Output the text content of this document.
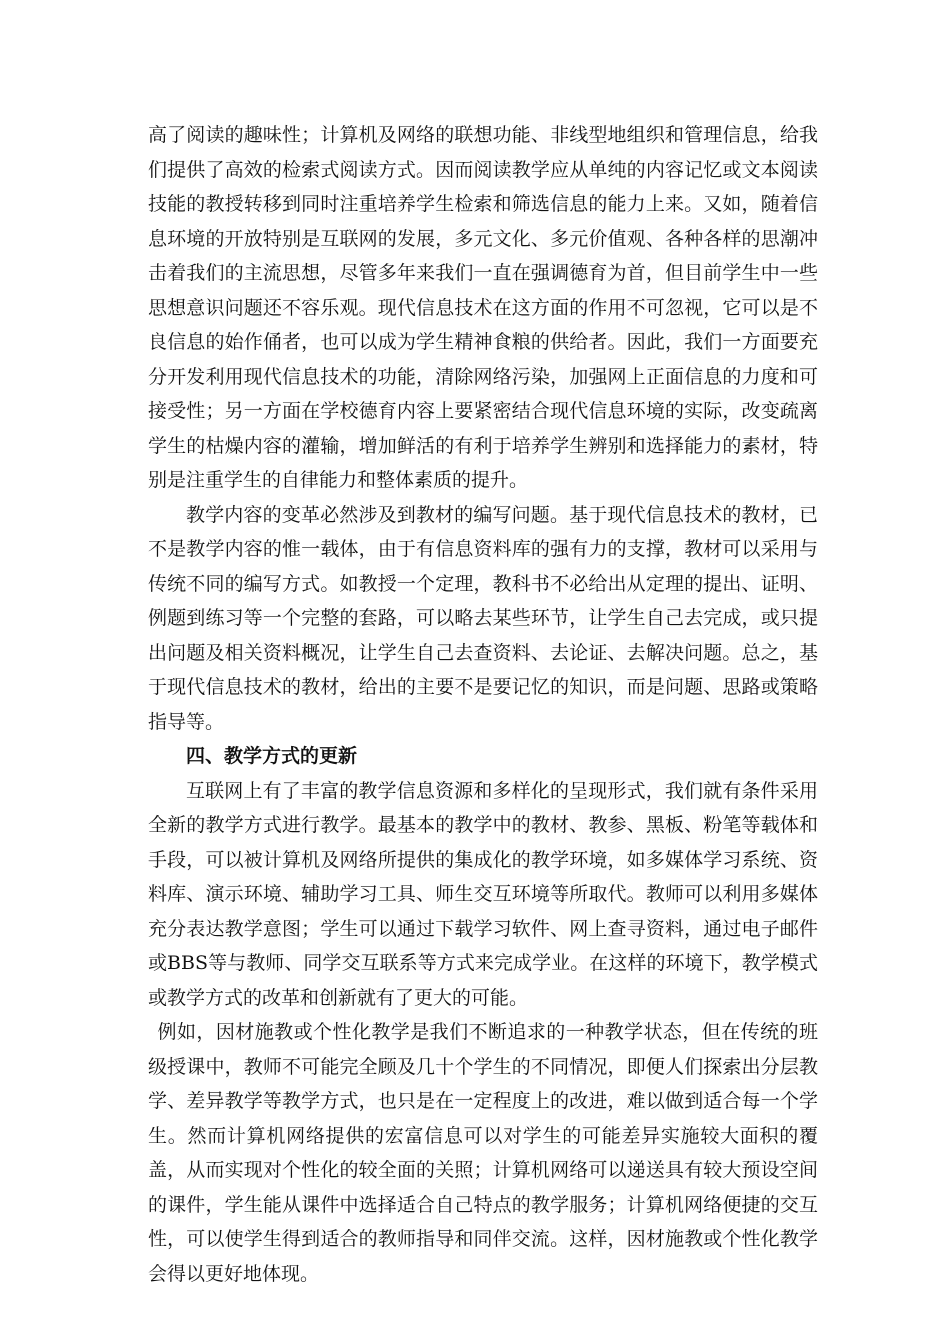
高了阅读的趣味性；计算机及网络的联想功能、非线型地组织和管理信息，给我们提供了高效的检索式阅读方式。因而阅读教学应从单纯的内容记忆或文本阅读技能的教授转移到同时注重培养学生检索和筛选信息的能力上来。又如，随着信息环境的开放特别是互联网的发展，多元文化、多元价值观、各种各样的思潮冲击着我们的主流思想，尽管多年来我们一直在强调德育为首，但目前学生中一些思想意识问题还不容乐观。现代信息技术在这方面的作用不可忽视，它可以是不良信息的始作俑者，也可以成为学生精神食粮的供给者。因此，我们一方面要充分开发利用现代信息技术的功能，清除网络污染，加强网上正面信息的力度和可接受性；另一方面在学校德育内容上要紧密结合现代信息环境的实际，改变疏离学生的枯燥内容的灌输，增加鲜活的有利于培养学生辨别和选择能力的素材，特别是注重学生的自律能力和整体素质的提升。

教学内容的变革必然涉及到教材的编写问题。基于现代信息技术的教材，已不是教学内容的惟一载体，由于有信息资料库的强有力的支撑，教材可以采用与传统不同的编写方式。如教授一个定理，教科书不必给出从定理的提出、证明、例题到练习等一个完整的套路，可以略去某些环节，让学生自己去完成，或只提出问题及相关资料概况，让学生自己去查资料、去论证、去解决问题。总之，基于现代信息技术的教材，给出的主要不是要记忆的知识，而是问题、思路或策略指导等。

四、教学方式的更新

互联网上有了丰富的教学信息资源和多样化的呈现形式，我们就有条件采用全新的教学方式进行教学。最基本的教学中的教材、教参、黑板、粉笔等载体和手段，可以被计算机及网络所提供的集成化的教学环境，如多媒体学习系统、资料库、演示环境、辅助学习工具、师生交互环境等所取代。教师可以利用多媒体充分表达教学意图；学生可以通过下载学习软件、网上查寻资料，通过电子邮件或BBS等与教师、同学交互联系等方式来完成学业。在这样的环境下，教学模式或教学方式的改革和创新就有了更大的可能。

例如，因材施教或个性化教学是我们不断追求的一种教学状态，但在传统的班级授课中，教师不可能完全顾及几十个学生的不同情况，即便人们探索出分层教学、差异教学等教学方式，也只是在一定程度上的改进，难以做到适合每一个学生。然而计算机网络提供的宏富信息可以对学生的可能差异实施较大面积的覆盖，从而实现对个性化的较全面的关照；计算机网络可以递送具有较大预设空间的课件，学生能从课件中选择适合自己特点的教学服务；计算机网络便捷的交互性，可以使学生得到适合的教师指导和同伴交流。这样，因材施教或个性化教学会得以更好地体现。
